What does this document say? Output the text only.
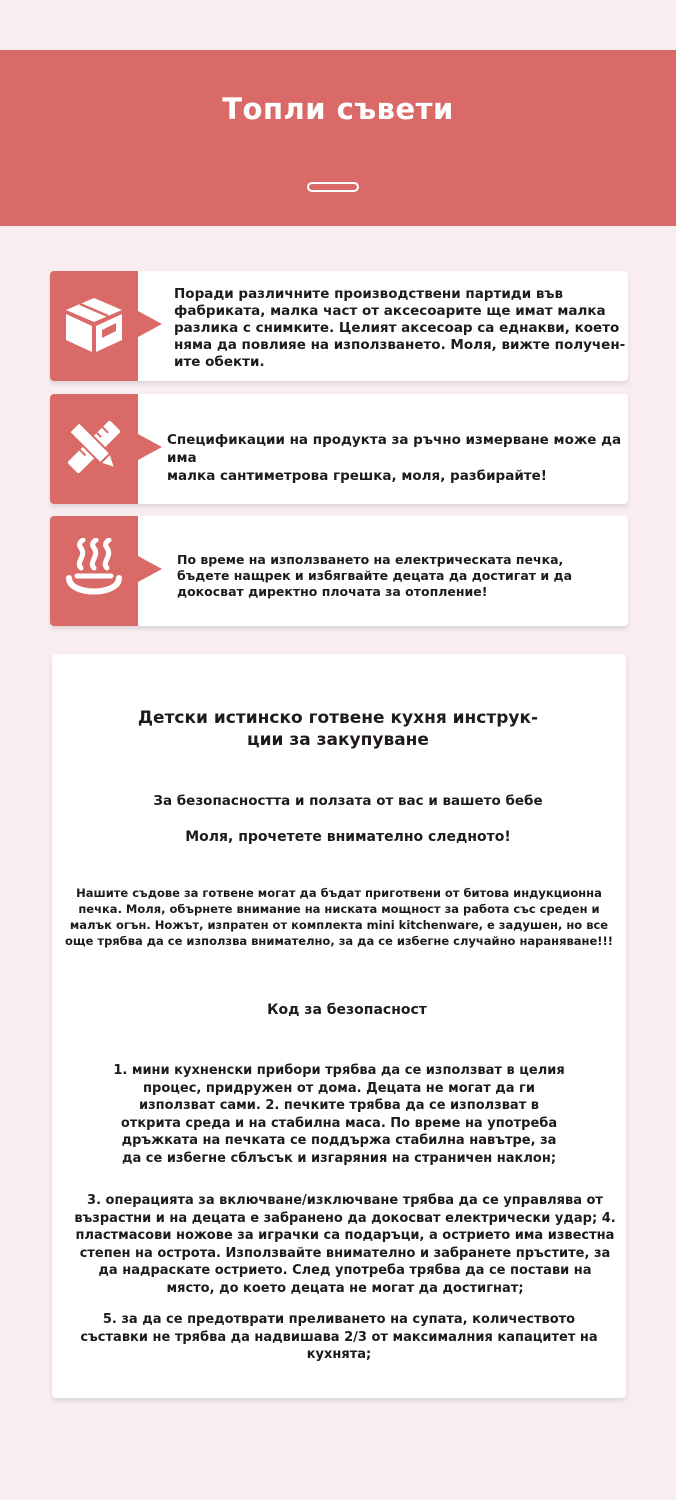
Топли съвети
Поради различните производствени партиди във
фабриката, малка част от аксесоарите ще имат малка
разлика с снимките. Целият аксесоар са еднакви, което
няма да повлияе на използването. Моля, вижте получен-
ите обекти.
Спецификации на продукта за ръчно измерване може да има
малка сантиметрова грешка, моля, разбирайте!
По време на използването на електрическата печка,
бъдете нащрек и избягвайте децата да достигат и да
докосват директно плочата за отопление!
Детски истинско готвене кухня инструк-
ции за закупуване
За безопасността и ползата от вас и вашето бебе
Моля, прочетете внимателно следното!
Нашите съдове за готвене могат да бъдат приготвени от битова индукционна
печка. Моля, обърнете внимание на ниската мощност за работа със среден и
малък огън. Ножът, изпратен от комплекта mini kitchenware, е задушен, но все
още трябва да се използва внимателно, за да се избегне случайно нараняване!!!
Код за безопасност
1. мини кухненски прибори трябва да се използват в целия
процес, придружен от дома. Децата не могат да ги
използват сами. 2. печките трябва да се използват в
открита среда и на стабилна маса. По време на употреба
дръжката на печката се поддържа стабилна навътре, за
да се избегне сблъсък и изгаряния на страничен наклон;
3. операцията за включване/изключване трябва да се управлява от
възрастни и на децата е забранено да докосват електрически удар; 4.
пластмасови ножове за играчки са подаръци, а острието има известна
степен на острота. Използвайте внимателно и забранете пръстите, за
да надраскате острието. След употреба трябва да се постави на
място, до което децата не могат да достигнат;
5. за да се предотврати преливането на супата, количеството
съставки не трябва да надвишава 2/3 от максималния капацитет на
кухнята;
